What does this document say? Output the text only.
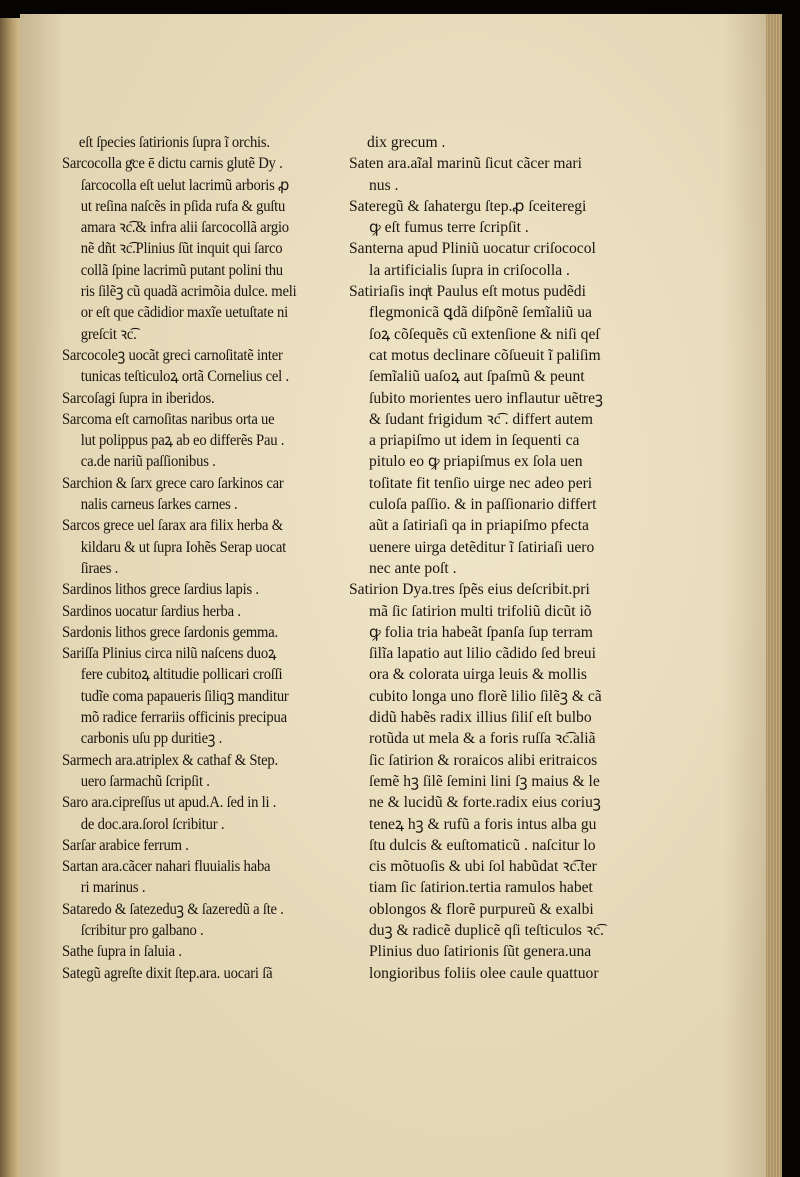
eſt ſpecies ſatirionis ſupra ĩ orchis.
Sarcocolla gͤce ē dictu carnis glutẽ Dy .
ſarcocolla eſt uelut lacrimũ arboris ꝓ
ut reſina naſcẽs in pſida rufa & guſtu
amara ꝛc͡.& infra alii ſarcocollã argio
nẽ dñt ꝛc͡.Plinius ſũt inquit qui ſarco
collã ſpine lacrimũ putant polini thu
ris ſilẽꝫ cũ quadã acrimõia dulce. meli
or eſt que cãdidior maxĩe uetuſtate ni
greſcit ꝛc͡.
Sarcocoleꝫ uocãt greci carnoſitatẽ inter
tunicas teſticuloꝝ ortã Cornelius cel .
Sarcoſagi ſupra in iberidos.
Sarcoma eſt carnoſitas naribus orta ue
lut polippus paꝝ ab eo differẽs Pau .
ca.de nariũ paſſionibus .
Sarchion & ſarx grece caro ſarkinos car
nalis carneus ſarkes carnes .
Sarcos grece uel ſarax ara filix herba &
kildaru & ut ſupra Iohẽs Serap uocat
ſiraes .
Sardinos lithos grece ſardius lapis .
Sardinos uocatur ſardius herba .
Sardonis lithos grece ſardonis gemma.
Sariſſa Plinius circa nilũ naſcens duoꝝ
fere cubitoꝝ altitudie pollicari croſſi
tudĩe coma papaueris ſiliqꝫ manditur
mõ radice ferrariis officinis precipua
carbonis uſu pp duritieꝫ .
Sarmech ara.atriplex & cathaf & Step.
uero ſarmachũ ſcripſit .
Saro ara.cipreſſus ut apud.A. ſed in li .
de doc.ara.ſorol ſcribitur .
Sarſar arabice ferrum .
Sartan ara.cãcer nahari fluuialis haba
ri marinus .
Sataredo & ſatezeduꝫ & ſazeredũ a ſte .
ſcribitur pro galbano .
Sathe ſupra in ſaluia .
Sategũ agreſte dixit ſtep.ara. uocari ſã
dix grecum .
Saten ara.aĩal marinũ ſicut cãcer mari
nus .
Sateregũ & ſahatergu ſtep.ꝓ ſceiteregi
ꝙ eſt fumus terre ſcripſit .
Santerna apud Pliniũ uocatur criſococol
la artificialis ſupra in criſocolla .
Satiriaſis inqͥt Paulus eſt motus pudẽdi
flegmonicã ꝗdã diſpõnẽ ſemĩaliũ ua
ſoꝝ cõſequẽs cũ extenſione & niſi qeſ
cat motus declinare cõſueuit ĩ paliſim
ſemĩaliũ uaſoꝝ aut ſpaſmũ & peunt
ſubito morientes uero inflautur uẽtreꝫ
& ſudant frigidum ꝛc͡ . differt autem
a priapiſmo ut idem in ſequenti ca
pitulo eo ꝙ priapiſmus ex ſola uen
toſitate fit tenſio uirge nec adeo peri
culoſa paſſio. & in paſſionario differt
aũt a ſatiriaſi qa in priapiſmo pfecta
uenere uirga detẽditur ĩ ſatiriaſi uero
nec ante poſt .
Satirion Dya.tres ſpẽs eius deſcribit.pri
mã ſic ſatirion multi trifoliũ dicũt iõ
ꝙ folia tria habeãt ſpanſa ſup terram
ſilĩa lapatio aut lilio cãdido ſed breui
ora & colorata uirga leuis & mollis
cubito longa uno florẽ lilio ſilẽꝫ & cã
didũ habẽs radix illius ſiliſ eſt bulbo
rotũda ut mela & a foris ruſſa ꝛc͡.aliã
ſic ſatirion & roraicos alibi eritraicos
ſemẽ hꝫ ſilẽ ſemini lini ſꝫ maius & le
ne & lucidũ & forte.radix eius coriuꝫ
teneꝝ hꝫ & rufũ a foris intus alba gu
ſtu dulcis & euſtomaticũ . naſcitur lo
cis mõtuoſis & ubi ſol habũdat ꝛc͡.ter
tiam ſic ſatirion.tertia ramulos habet
oblongos & florẽ purpureũ & exalbi
duꝫ & radicẽ duplicẽ qſi teſticulos ꝛc͡.
Plinius duo ſatirionis ſũt genera.una
longioribus foliis olee caule quattuor
